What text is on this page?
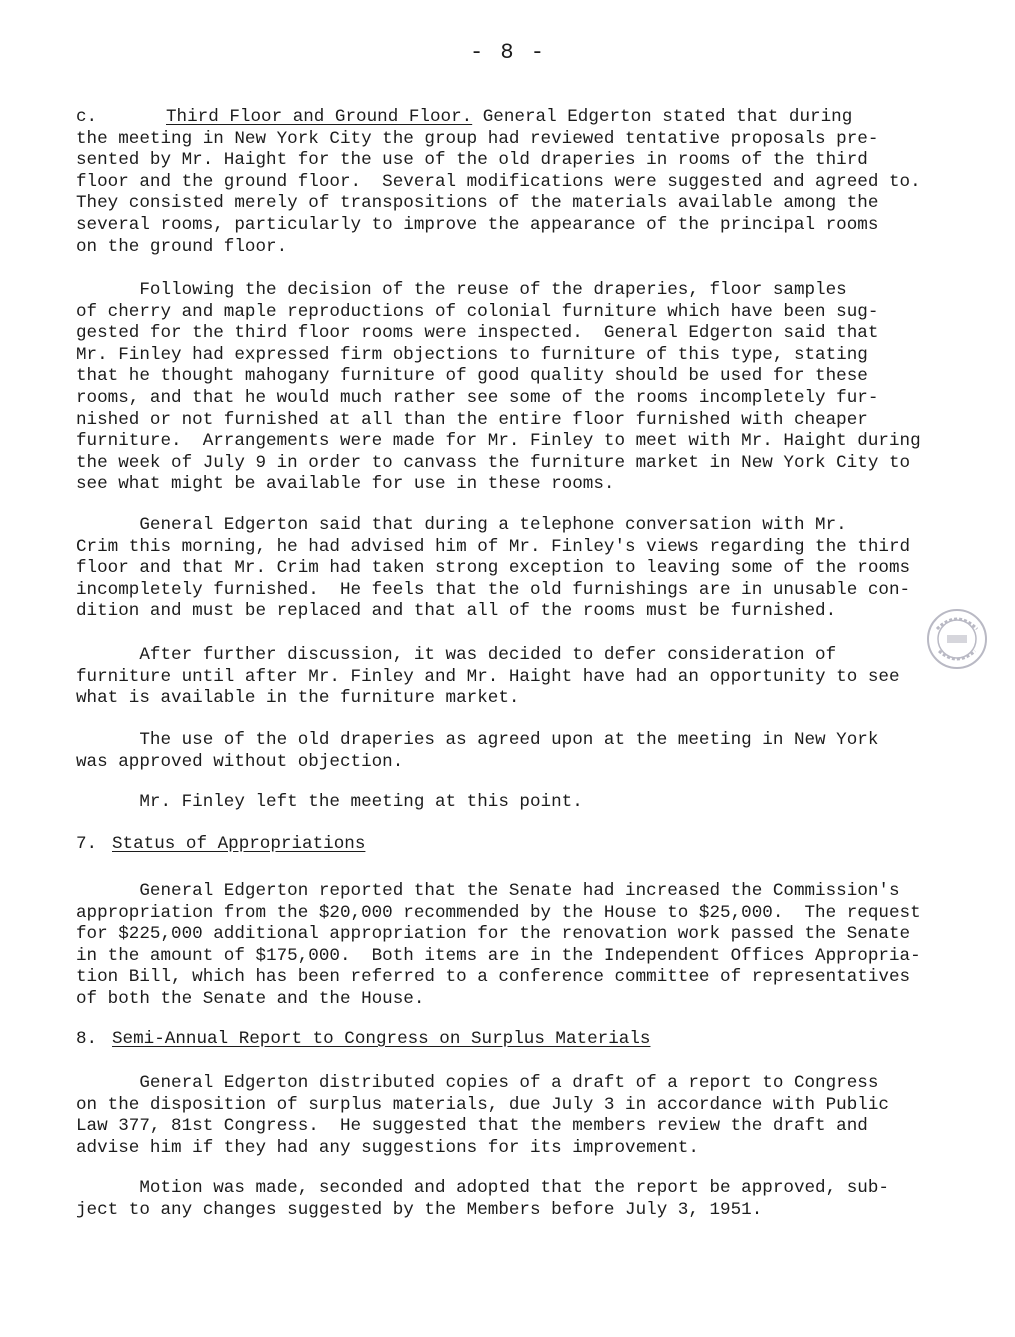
- 8 -

c.	Third Floor and Ground Floor. General Edgerton stated that during

the meeting in New York City the group had reviewed tentative proposals pre-

sented by Mr. Haight for the use of the old draperies in rooms of the third

floor and the ground floor.  Several modifications were suggested and agreed to.

They consisted merely of transpositions of the materials available among the

several rooms, particularly to improve the appearance of the principal rooms

on the ground floor.

Following the decision of the reuse of the draperies, floor samples

of cherry and maple reproductions of colonial furniture which have been sug-

gested for the third floor rooms were inspected.  General Edgerton said that

Mr. Finley had expressed firm objections to furniture of this type, stating

that he thought mahogany furniture of good quality should be used for these

rooms, and that he would much rather see some of the rooms incompletely fur-

nished or not furnished at all than the entire floor furnished with cheaper

furniture.  Arrangements were made for Mr. Finley to meet with Mr. Haight during

the week of July 9 in order to canvass the furniture market in New York City to

see what might be available for use in these rooms.

General Edgerton said that during a telephone conversation with Mr.

Crim this morning, he had advised him of Mr. Finley's views regarding the third

floor and that Mr. Crim had taken strong exception to leaving some of the rooms

incompletely furnished.  He feels that the old furnishings are in unusable con-

dition and must be replaced and that all of the rooms must be furnished.

After further discussion, it was decided to defer consideration of

furniture until after Mr. Finley and Mr. Haight have had an opportunity to see

what is available in the furniture market.

The use of the old draperies as agreed upon at the meeting in New York

was approved without objection.

Mr. Finley left the meeting at this point.

7. Status of Appropriations

General Edgerton reported that the Senate had increased the Commission's

appropriation from the $20,000 recommended by the House to $25,000.  The request

for $225,000 additional appropriation for the renovation work passed the Senate

in the amount of $175,000.  Both items are in the Independent Offices Appropria-

tion Bill, which has been referred to a conference committee of representatives

of both the Senate and the House.

8. Semi-Annual Report to Congress on Surplus Materials

General Edgerton distributed copies of a draft of a report to Congress

on the disposition of surplus materials, due July 3 in accordance with Public

Law 377, 81st Congress.  He suggested that the members review the draft and

advise him if they had any suggestions for its improvement.

Motion was made, seconded and adopted that the report be approved, sub-

ject to any changes suggested by the Members before July 3, 1951.
